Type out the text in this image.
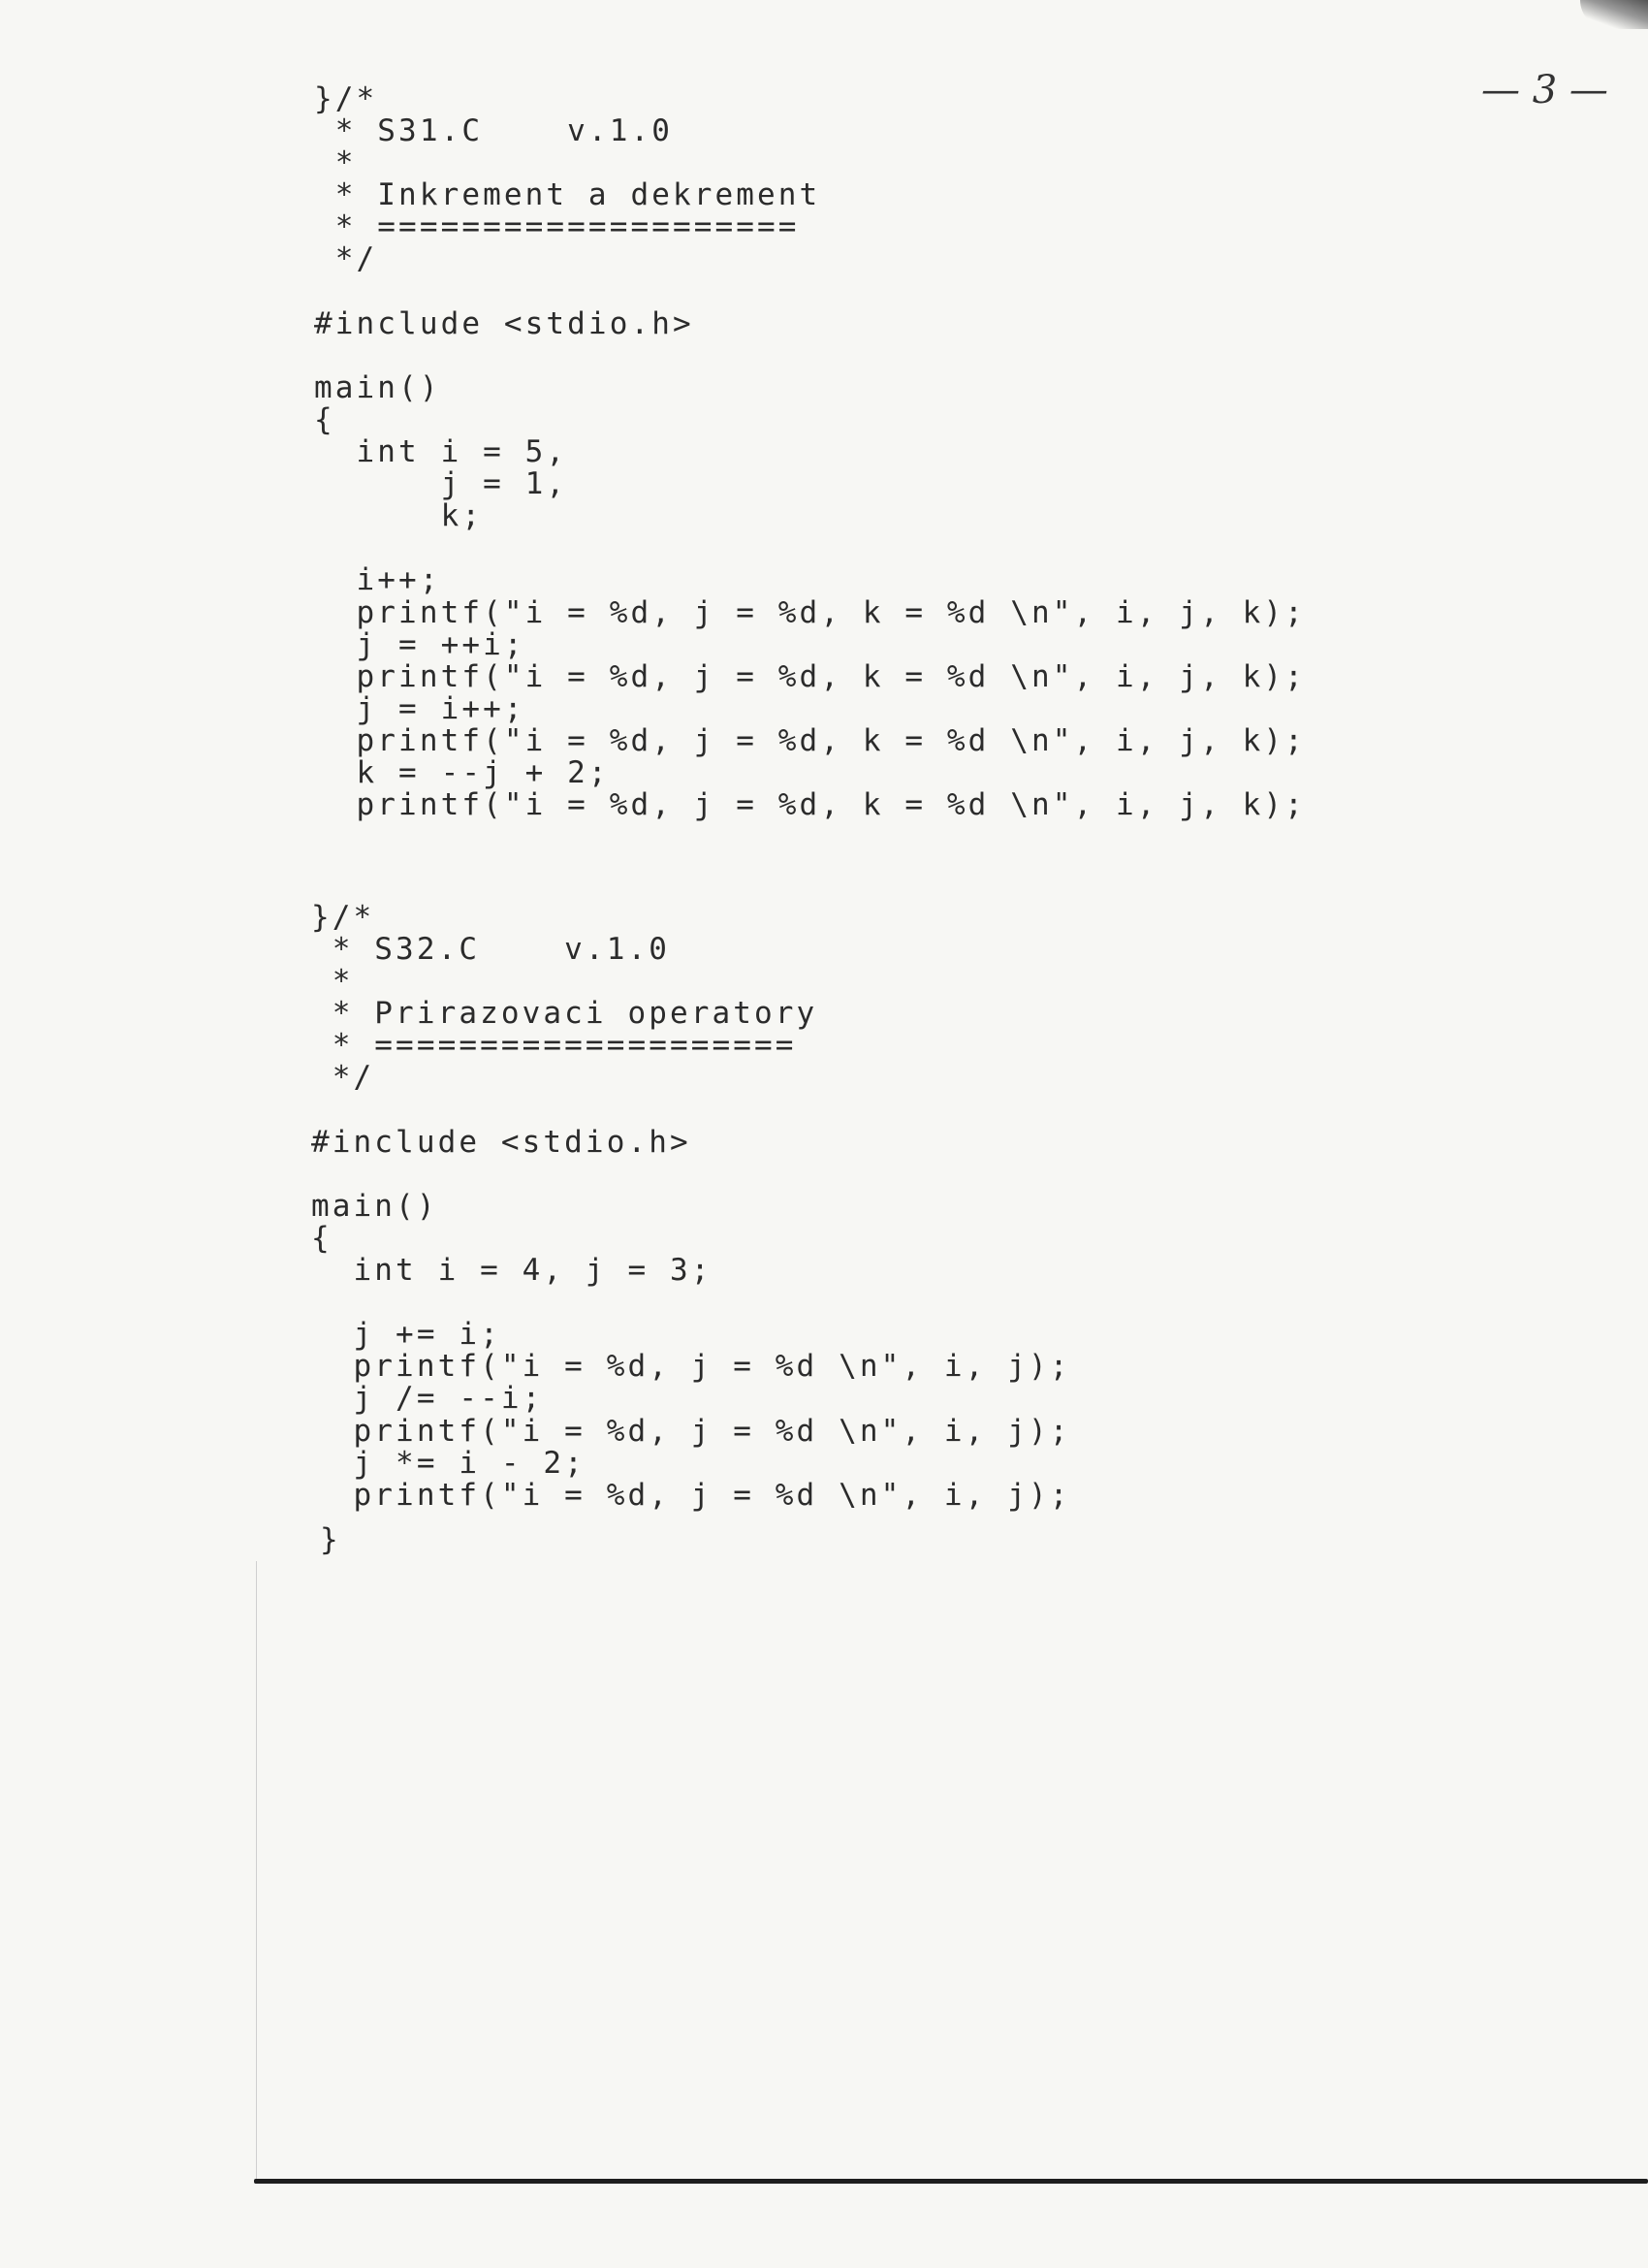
— 3 —
}/*
* S31.C    v.1.0
*
* Inkrement a dekrement
* ====================
*/

#include <stdio.h>

main()
{
int i = 5,
j = 1,
k;

i++;
printf("i = %d, j = %d, k = %d \n", i, j, k);
j = ++i;
printf("i = %d, j = %d, k = %d \n", i, j, k);
j = i++;
printf("i = %d, j = %d, k = %d \n", i, j, k);
k = --j + 2;
printf("i = %d, j = %d, k = %d \n", i, j, k);
}/*
* S32.C    v.1.0
*
* Prirazovaci operatory
* ====================
*/

#include <stdio.h>

main()
{
int i = 4, j = 3;

j += i;
printf("i = %d, j = %d \n", i, j);
j /= --i;
printf("i = %d, j = %d \n", i, j);
j *= i - 2;
printf("i = %d, j = %d \n", i, j);
}
